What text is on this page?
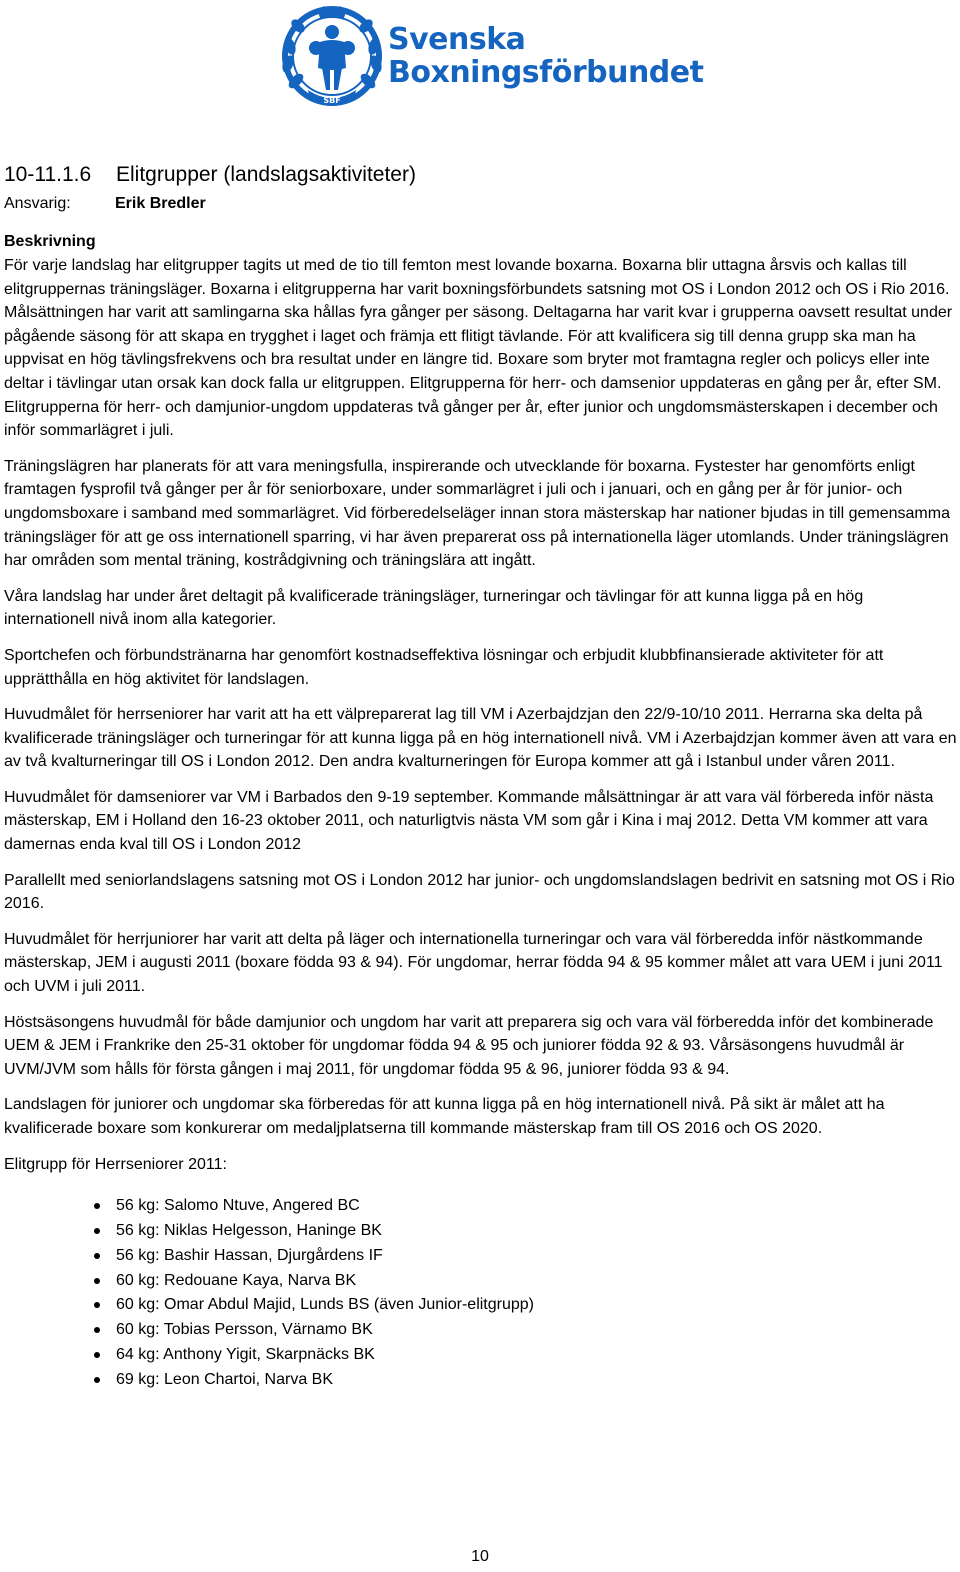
SBF
Svenska
Boxningsförbundet
10-11.1.6 Elitgrupper (landslagsaktiviteter)
Ansvarig:	Erik Bredler
Beskrivning

För varje landslag har elitgrupper tagits ut med de tio till femton mest lovande boxarna. Boxarna blir uttagna årsvis och kallas till elitgruppernas träningsläger. Boxarna i elitgrupperna har varit boxningsförbundets satsning mot OS i London 2012 och OS i Rio 2016. Målsättningen har varit att samlingarna ska hållas fyra gånger per säsong. Deltagarna har varit kvar i grupperna oavsett resultat under pågående säsong för att skapa en trygghet i laget och främja ett flitigt tävlande. För att kvalificera sig till denna grupp ska man ha uppvisat en hög tävlingsfrekvens och bra resultat under en längre tid. Boxare som bryter mot framtagna regler och policys eller inte deltar i tävlingar utan orsak kan dock falla ur elitgruppen. Elitgrupperna för herr- och damsenior uppdateras en gång per år, efter SM. Elitgrupperna för herr- och damjunior-ungdom uppdateras två gånger per år, efter junior och ungdomsmästerskapen i december och inför sommarlägret i juli.

Träningslägren har planerats för att vara meningsfulla, inspirerande och utvecklande för boxarna. Fystester har genomförts enligt framtagen fysprofil två gånger per år för seniorboxare, under sommarlägret i juli och i januari, och en gång per år för junior- och ungdomsboxare i samband med sommarlägret. Vid förberedelseläger innan stora mästerskap har nationer bjudas in till gemensamma träningsläger för att ge oss internationell sparring, vi har även preparerat oss på internationella läger utomlands. Under träningslägren har områden som mental träning, kostrådgivning och träningslära att ingått.

Våra landslag har under året deltagit på kvalificerade träningsläger, turneringar och tävlingar för att kunna ligga på en hög internationell nivå inom alla kategorier.

Sportchefen och förbundstränarna har genomfört kostnadseffektiva lösningar och erbjudit klubbfinansierade aktiviteter för att upprätthålla en hög aktivitet för landslagen.

Huvudmålet för herrseniorer har varit att ha ett välpreparerat lag till VM i Azerbajdzjan den 22/9-10/10 2011. Herrarna ska delta på kvalificerade träningsläger och turneringar för att kunna ligga på en hög internationell nivå. VM i Azerbajdzjan kommer även att vara en av två kvalturneringar till OS i London 2012. Den andra kvalturneringen för Europa kommer att gå i Istanbul under våren 2011.

Huvudmålet för damseniorer var VM i Barbados den 9-19 september. Kommande målsättningar är att vara väl förbereda inför nästa mästerskap, EM i Holland den 16-23 oktober 2011, och naturligtvis nästa VM som går i Kina i maj 2012. Detta VM kommer att vara damernas enda kval till OS i London 2012

Parallellt med seniorlandslagens satsning mot OS i London 2012 har junior- och ungdomslandslagen bedrivit en satsning mot OS i Rio 2016.

Huvudmålet för herrjuniorer har varit att delta på läger och internationella turneringar och vara väl förberedda inför nästkommande mästerskap, JEM i augusti 2011 (boxare födda 93 & 94). För ungdomar, herrar födda 94 & 95 kommer målet att vara UEM i juni 2011 och UVM i juli 2011.

Höstsäsongens huvudmål för både damjunior och ungdom har varit att preparera sig och vara väl förberedda inför det kombinerade UEM & JEM i Frankrike den 25-31 oktober för ungdomar födda 94 & 95 och juniorer födda 92 & 93. Vårsäsongens huvudmål är UVM/JVM som hålls för första gången i maj 2011, för ungdomar födda 95 & 96, juniorer födda 93 & 94.

Landslagen för juniorer och ungdomar ska förberedas för att kunna ligga på en hög internationell nivå. På sikt är målet att ha kvalificerade boxare som konkurerar om medaljplatserna till kommande mästerskap fram till OS 2016 och OS 2020.

Elitgrupp för Herrseniorer 2011:

56 kg: Salomo Ntuve, Angered BC
56 kg: Niklas Helgesson, Haninge BK
56 kg: Bashir Hassan, Djurgårdens IF
60 kg: Redouane Kaya, Narva BK
60 kg: Omar Abdul Majid, Lunds BS (även Junior-elitgrupp)
60 kg: Tobias Persson, Värnamo BK
64 kg: Anthony Yigit, Skarpnäcks BK
69 kg: Leon Chartoi, Narva BK
10
